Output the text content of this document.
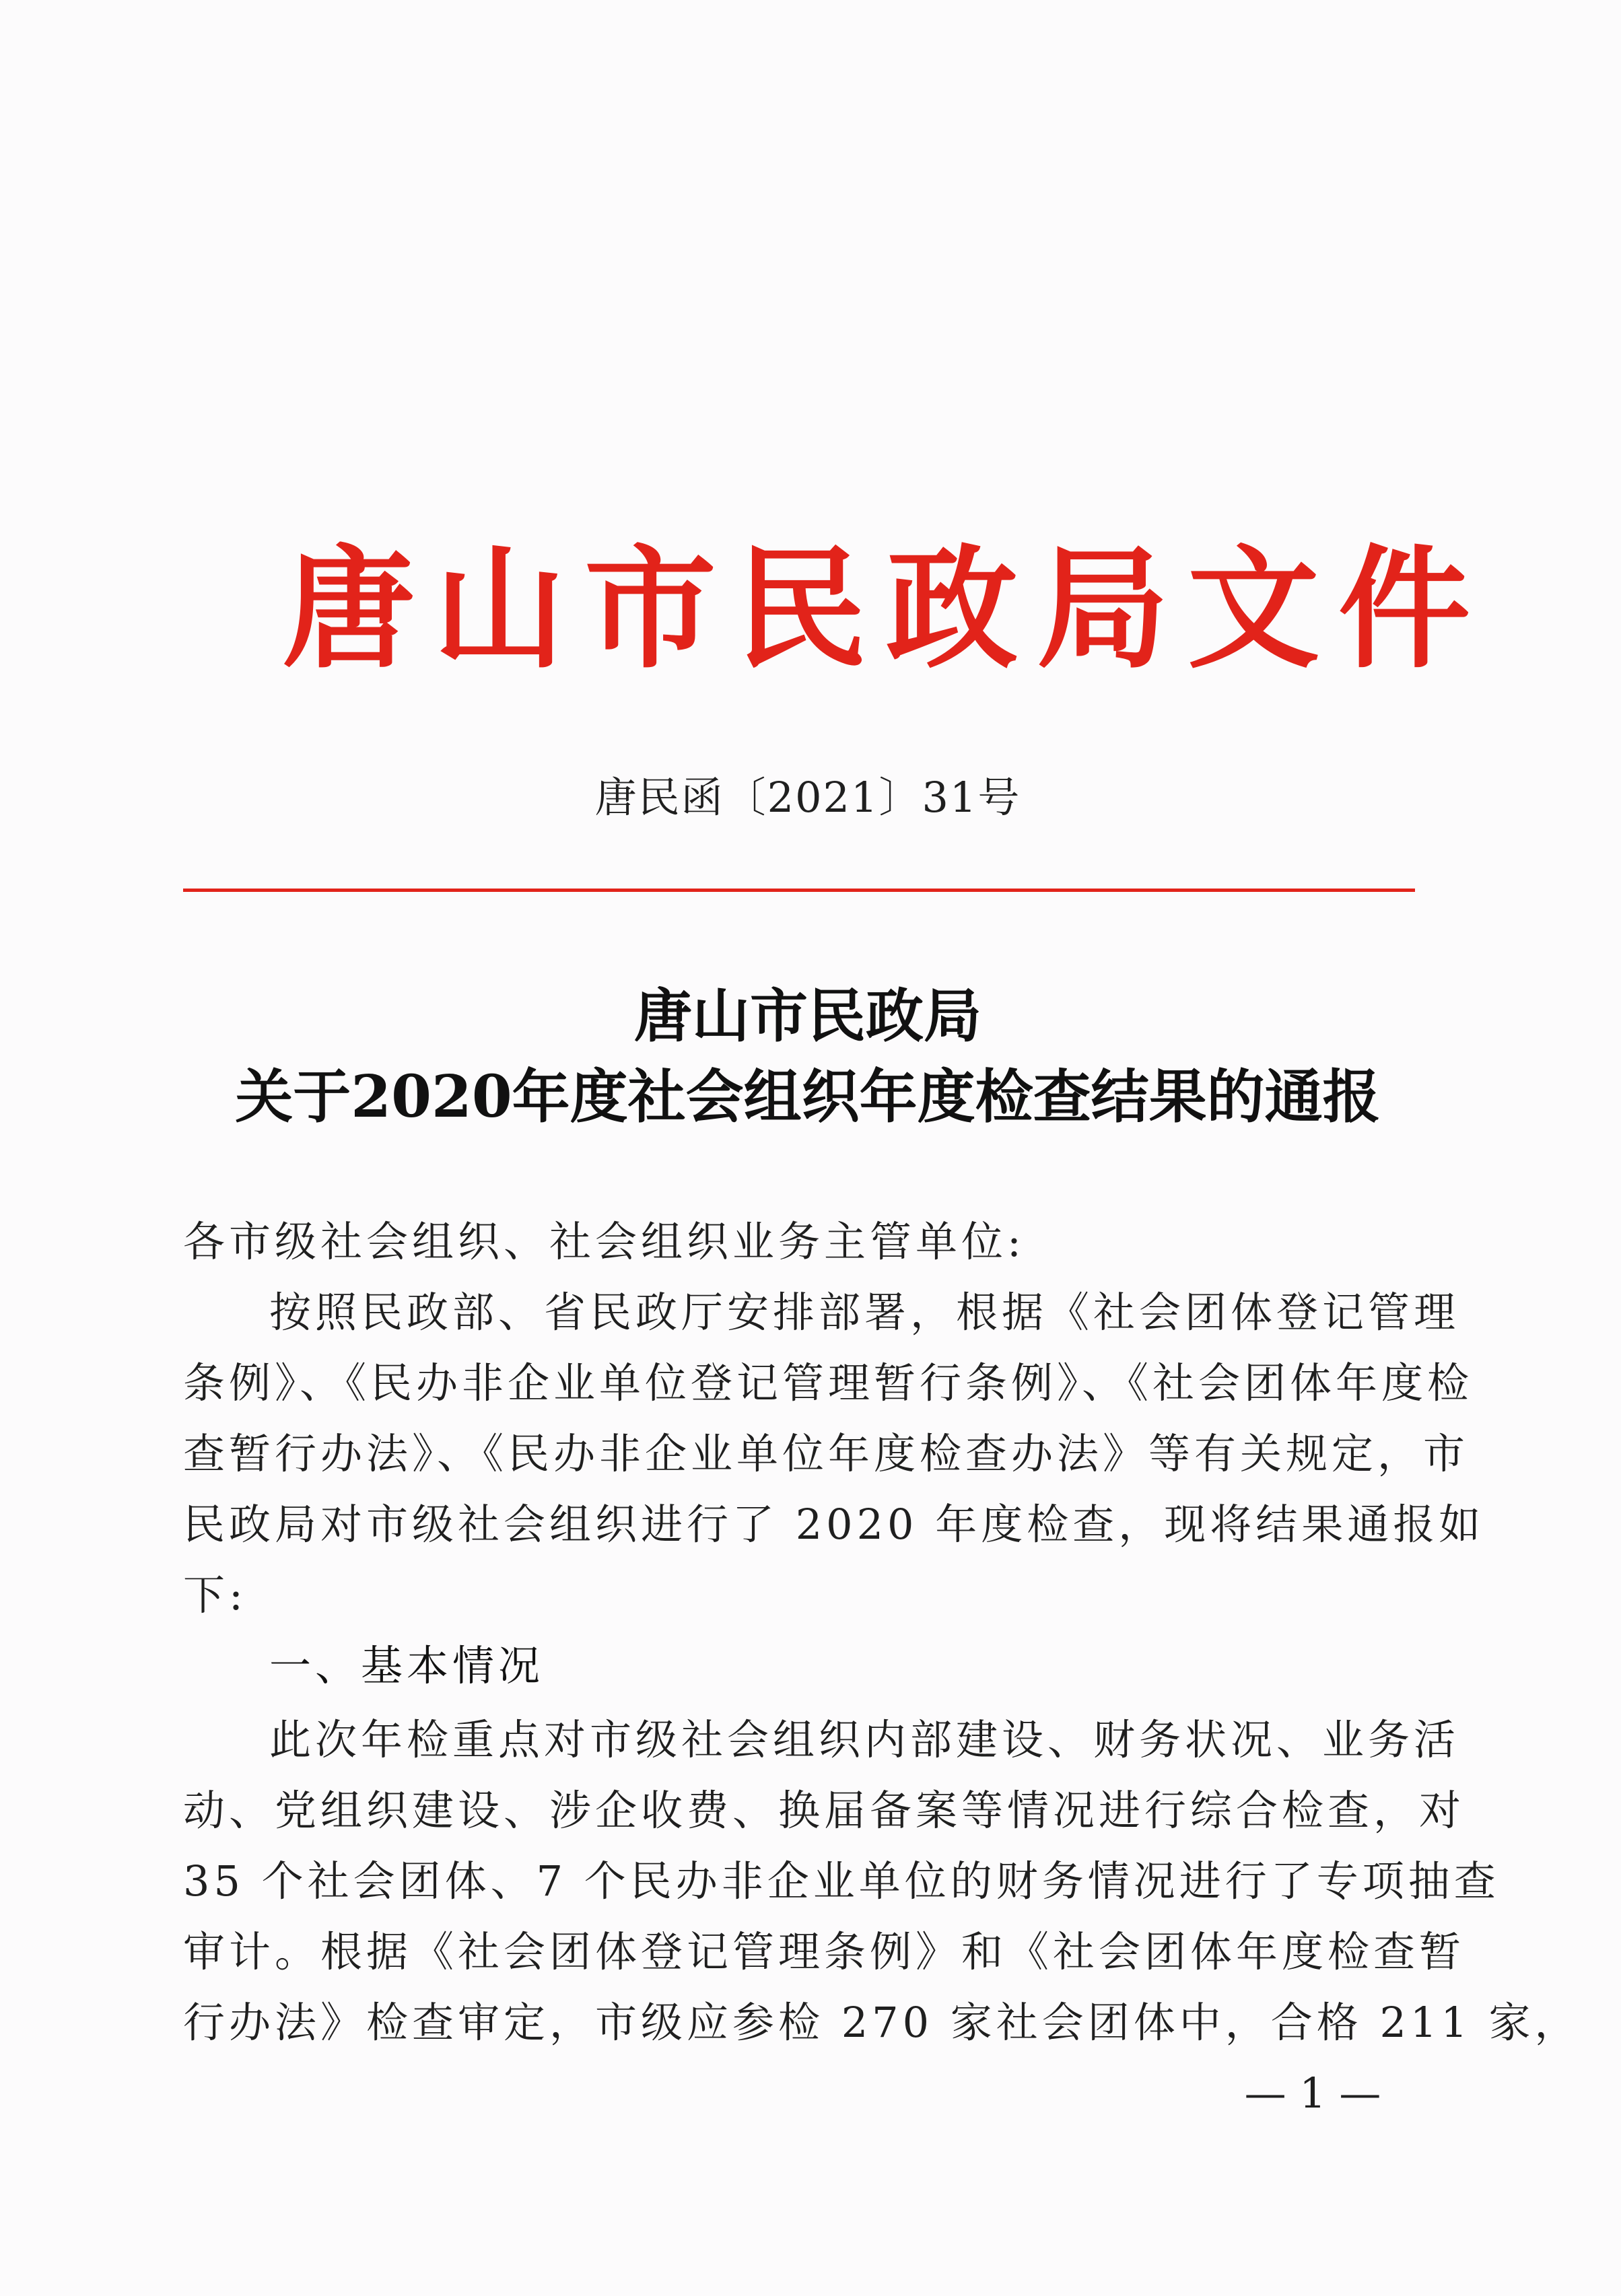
唐山市民政局文件
唐民函〔2021〕31号
唐山市民政局
关于2020年度社会组织年度检查结果的通报
各市级社会组织、社会组织业务主管单位:
按照民政部、省民政厅安排部署，根据《社会团体登记管理
条例》、《民办非企业单位登记管理暂行条例》、《社会团体年度检
查暂行办法》、《民办非企业单位年度检查办法》等有关规定，市
民政局对市级社会组织进行了 2020 年度检查，现将结果通报如
下:
一、基本情况
此次年检重点对市级社会组织内部建设、财务状况、业务活
动、党组织建设、涉企收费、换届备案等情况进行综合检查，对
35 个社会团体、7 个民办非企业单位的财务情况进行了专项抽查
审计。根据《社会团体登记管理条例》和《社会团体年度检查暂
行办法》检查审定，市级应参检 270 家社会团体中，合格 211 家，
— 1 —
